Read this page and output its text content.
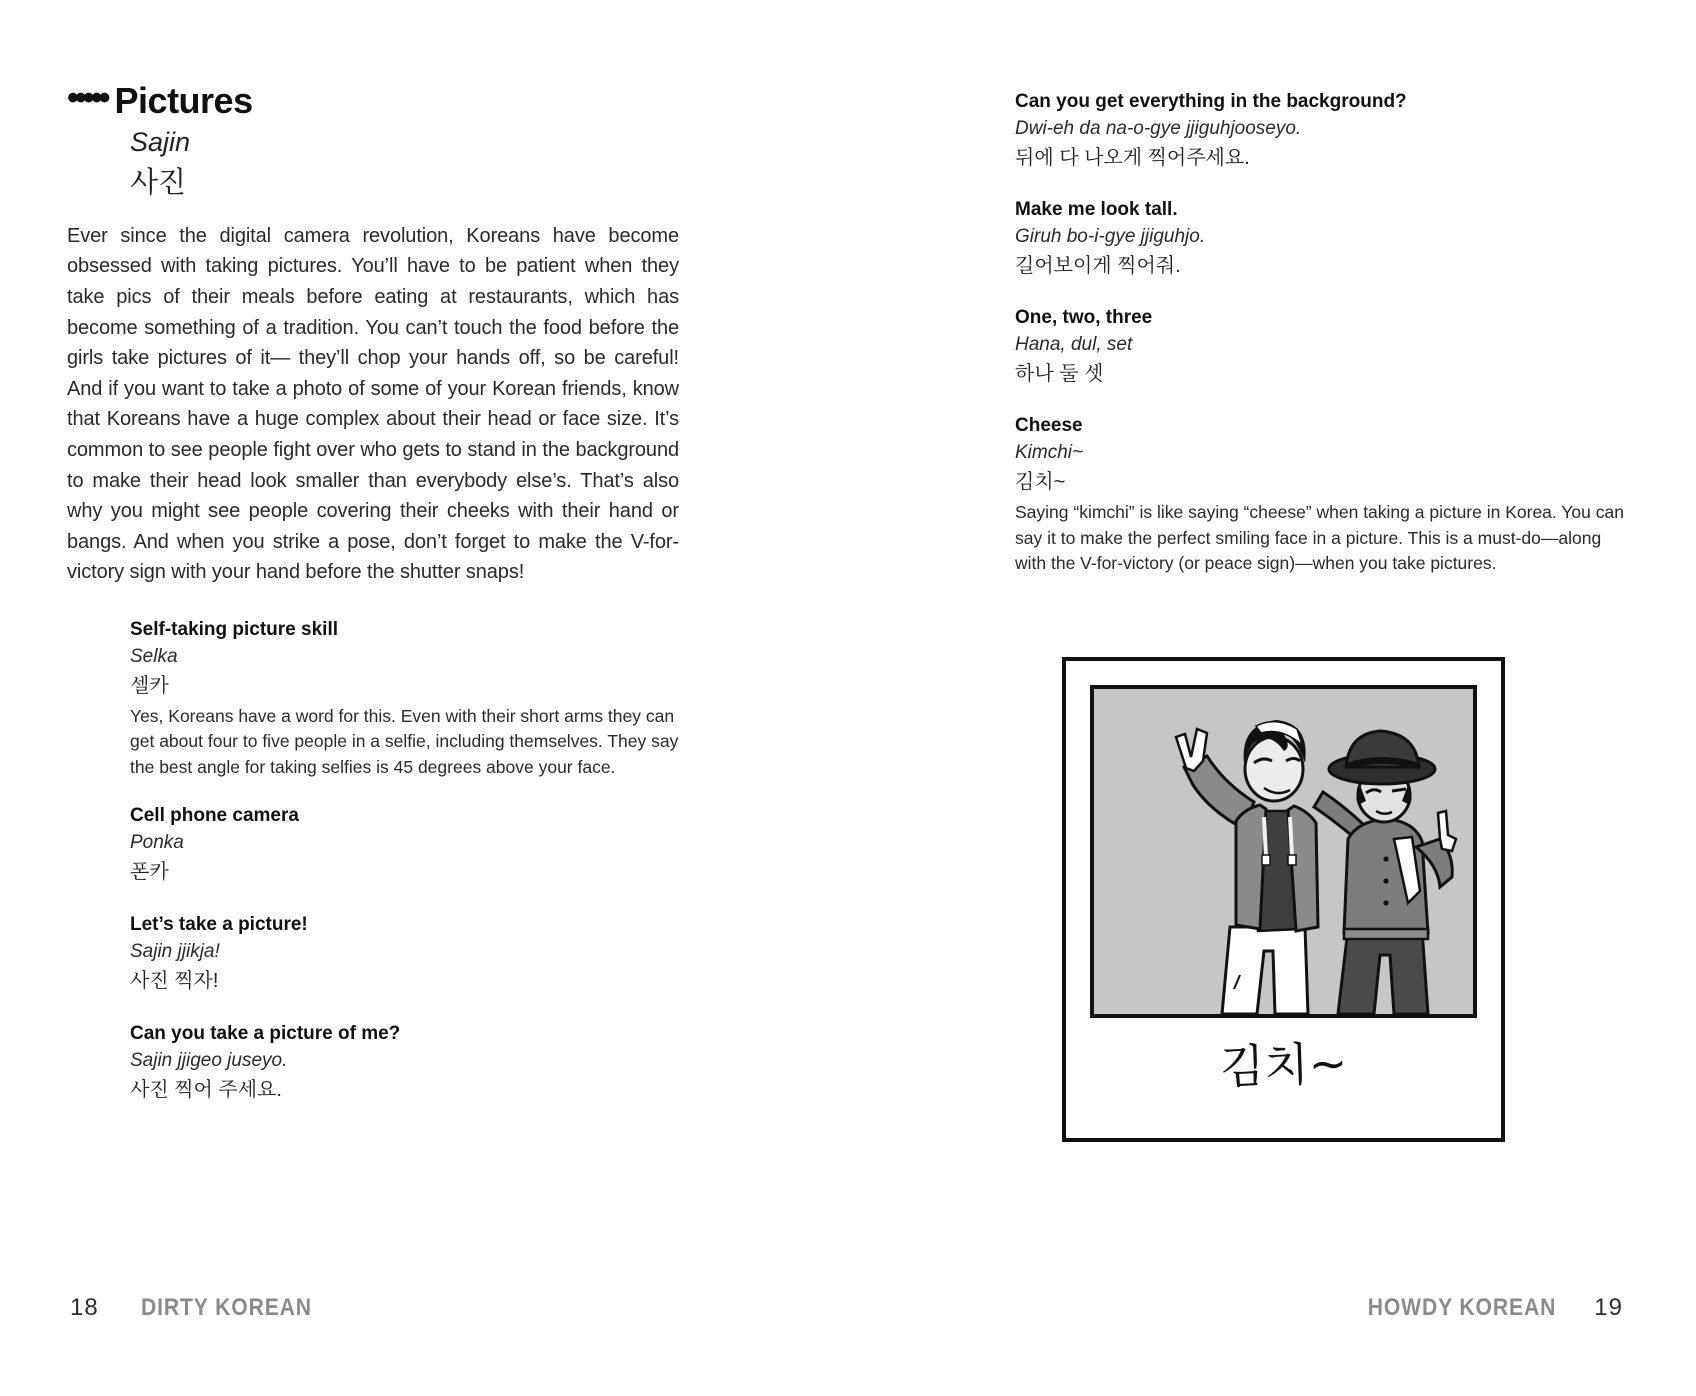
••••• Pictures
Sajin
사진

Ever since the digital camera revolution, Koreans have become obsessed with taking pictures. You’ll have to be patient when they take pics of their meals before eating at restaurants, which has become something of a tradition. You can’t touch the food before the girls take pictures of it— they’ll chop your hands off, so be careful! And if you want to take a photo of some of your Korean friends, know that Koreans have a huge complex about their head or face size. It’s common to see people fight over who gets to stand in the background to make their head look smaller than everybody else’s. That’s also why you might see people covering their cheeks with their hand or bangs. And when you strike a pose, don’t forget to make the V-for-victory sign with your hand before the shutter snaps!

Self-taking picture skill
Selka
셀카
Yes, Koreans have a word for this. Even with their short arms they can get about four to five people in a selfie, including themselves. They say the best angle for taking selfies is 45 degrees above your face.
Cell phone camera
Ponka
폰카
Let’s take a picture!
Sajin jjikja!
사진 찍자!
Can you take a picture of me?
Sajin jjigeo juseyo.
사진 찍어 주세요.
Can you get everything in the background?
Dwi-eh da na-o-gye jjiguhjooseyo.
뒤에 다 나오게 찍어주세요.
Make me look tall.
Giruh bo-i-gye jjiguhjo.
길어보이게 찍어줘.
One, two, three
Hana, dul, set
하나 둘 셋
Cheese
Kimchi~
김치~
Saying “kimchi” is like saying “cheese” when taking a picture in Korea. You can say it to make the perfect smiling face in a picture. This is a must-do—along with the V-for-victory (or peace sign)—when you take pictures.
김치~
18 DIRTY KOREAN	HOWDY KOREAN 19
